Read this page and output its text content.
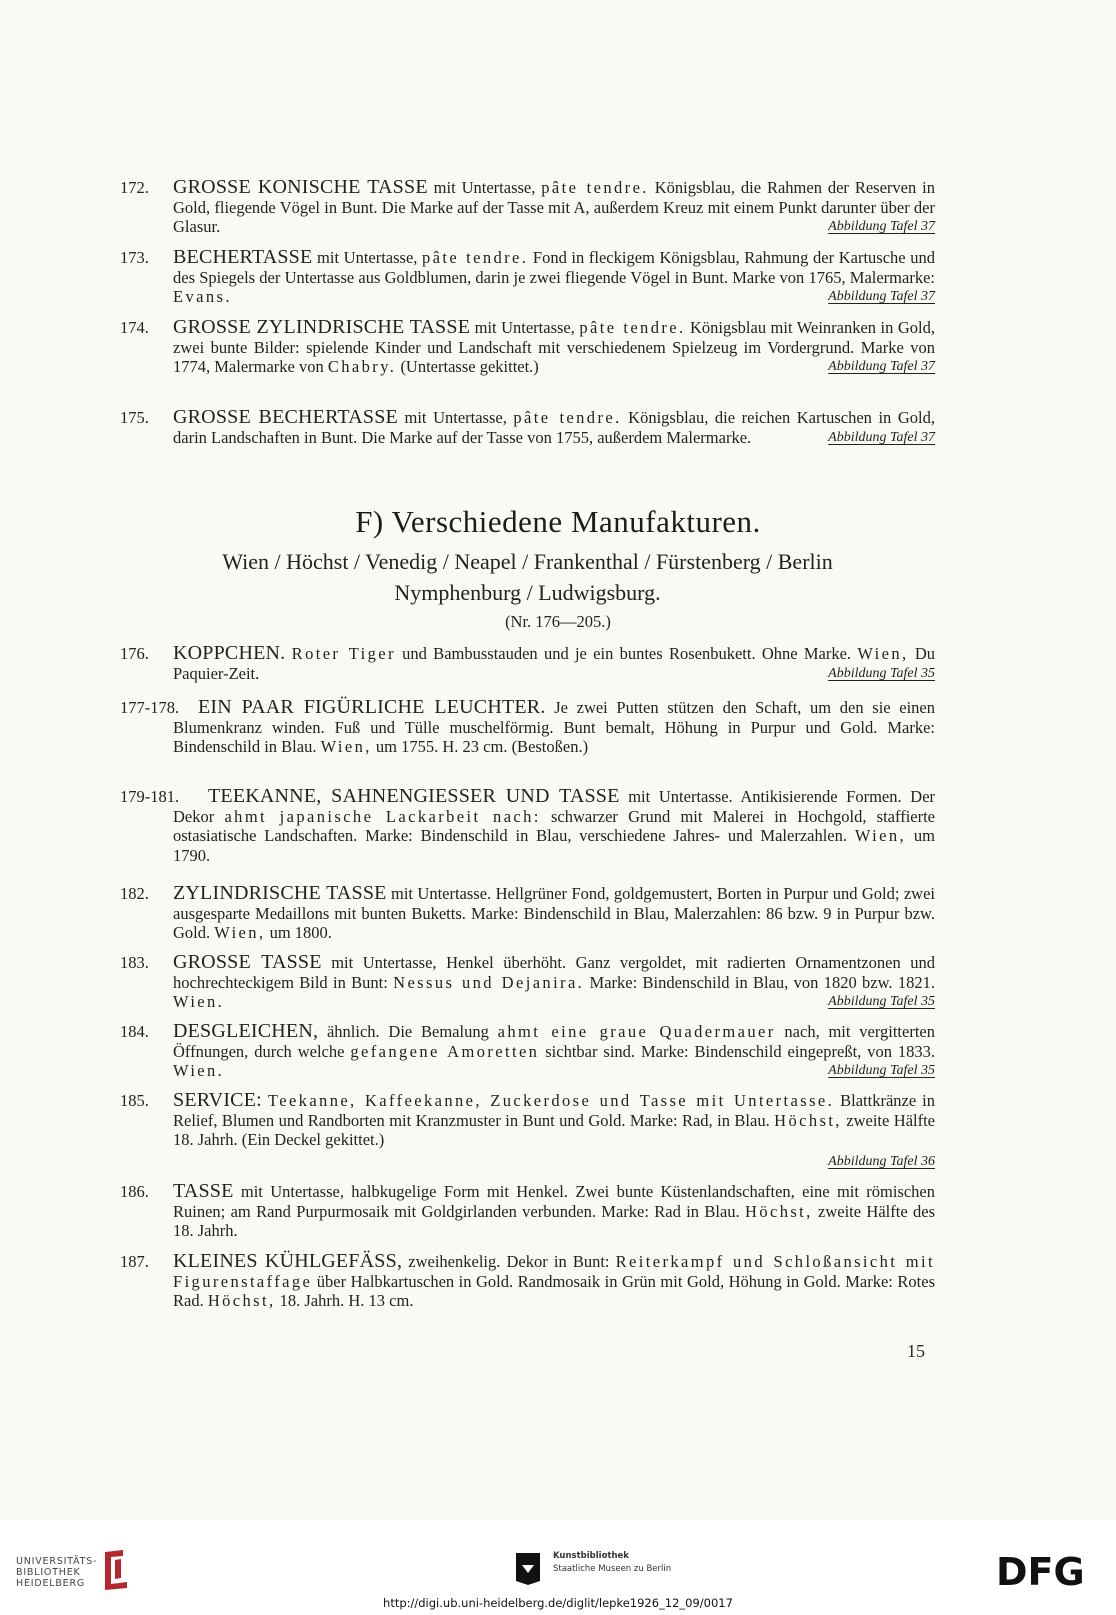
172. GROSSE KONISCHE TASSE mit Untertasse, pâte tendre. Königsblau, die Rahmen der Reserven in Gold, fliegende Vögel in Bunt. Die Marke auf der Tasse mit A, außerdem Kreuz mit einem Punkt darunter über der Glasur.	Abbildung Tafel 37
173. BECHERTASSE mit Untertasse, pâte tendre. Fond in fleckigem Königsblau, Rahmung der Kartusche und des Spiegels der Untertasse aus Goldblumen, darin je zwei fliegende Vögel in Bunt. Marke von 1765, Malermarke: Evans.	Abbildung Tafel 37
174. GROSSE ZYLINDRISCHE TASSE mit Untertasse, pâte tendre. Königsblau mit Weinranken in Gold, zwei bunte Bilder: spielende Kinder und Landschaft mit verschiedenem Spielzeug im Vordergrund. Marke von 1774, Malermarke von Chabry. (Untertasse gekittet.)	Abbildung Tafel 37
175. GROSSE BECHERTASSE mit Untertasse, pâte tendre. Königsblau, die reichen Kartuschen in Gold, darin Landschaften in Bunt. Die Marke auf der Tasse von 1755, außerdem Malermarke.	Abbildung Tafel 37
F) Verschiedene Manufakturen.
Wien / Höchst / Venedig / Neapel / Frankenthal / Fürstenberg / Berlin
Nymphenburg / Ludwigsburg.
(Nr. 176—205.)
176. KOPPCHEN. Roter Tiger und Bambusstauden und je ein buntes Rosenbukett. Ohne Marke. Wien, Du Paquier-Zeit.	Abbildung Tafel 35
177-178. EIN PAAR FIGÜRLICHE LEUCHTER. Je zwei Putten stützen den Schaft, um den sie einen Blumenkranz winden. Fuß und Tülle muschelförmig. Bunt bemalt, Höhung in Purpur und Gold. Marke: Bindenschild in Blau. Wien, um 1755. H. 23 cm. (Bestoßen.)
179-181.	TEEKANNE, SAHNENGIESSER UND TASSE mit Untertasse. Antikisierende Formen. Der Dekor ahmt japanische Lackarbeit nach: schwarzer Grund mit Malerei in Hochgold, staffierte ostasiatische Landschaften. Marke: Bindenschild in Blau, verschiedene Jahres- und Malerzahlen. Wien, um 1790.
182. ZYLINDRISCHE TASSE mit Untertasse. Hellgrüner Fond, goldgemustert, Borten in Purpur und Gold; zwei ausgesparte Medaillons mit bunten Buketts. Marke: Bindenschild in Blau, Malerzahlen: 86 bzw. 9 in Purpur bzw. Gold. Wien, um 1800.
183. GROSSE TASSE mit Untertasse, Henkel überhöht. Ganz vergoldet, mit radierten Ornamentzonen und hochrechteckigem Bild in Bunt: Nessus und Dejanira. Marke: Bindenschild in Blau, von 1820 bzw. 1821. Wien.	Abbildung Tafel 35
184. DESGLEICHEN, ähnlich. Die Bemalung ahmt eine graue Quadermauer nach, mit vergitterten Öffnungen, durch welche gefangene Amoretten sichtbar sind. Marke: Bindenschild eingepreßt, von 1833. Wien.	Abbildung Tafel 35
185. SERVICE: Teekanne, Kaffeekanne, Zuckerdose und Tasse mit Untertasse. Blattkränze in Relief, Blumen und Randborten mit Kranzmuster in Bunt und Gold. Marke: Rad, in Blau. Höchst, zweite Hälfte 18. Jahrh. (Ein Deckel gekittet.)
Abbildung Tafel 36
186. TASSE mit Untertasse, halbkugelige Form mit Henkel. Zwei bunte Küstenlandschaften, eine mit römischen Ruinen; am Rand Purpurmosaik mit Goldgirlanden verbunden. Marke: Rad in Blau. Höchst, zweite Hälfte des 18. Jahrh.
187. KLEINES KÜHLGEFÄSS, zweihenkelig. Dekor in Bunt: Reiterkampf und Schloßansicht mit Figurenstaffage über Halbkartuschen in Gold. Randmosaik in Grün mit Gold, Höhung in Gold. Marke: Rotes Rad. Höchst, 18. Jahrh. H. 13 cm.
15
UNIVERSITÄTS-
BIBLIOTHEK
HEIDELBERG
Kunstbibliothek
Staatliche Museen zu Berlin	DFG
http://digi.ub.uni-heidelberg.de/diglit/lepke1926_12_09/0017
